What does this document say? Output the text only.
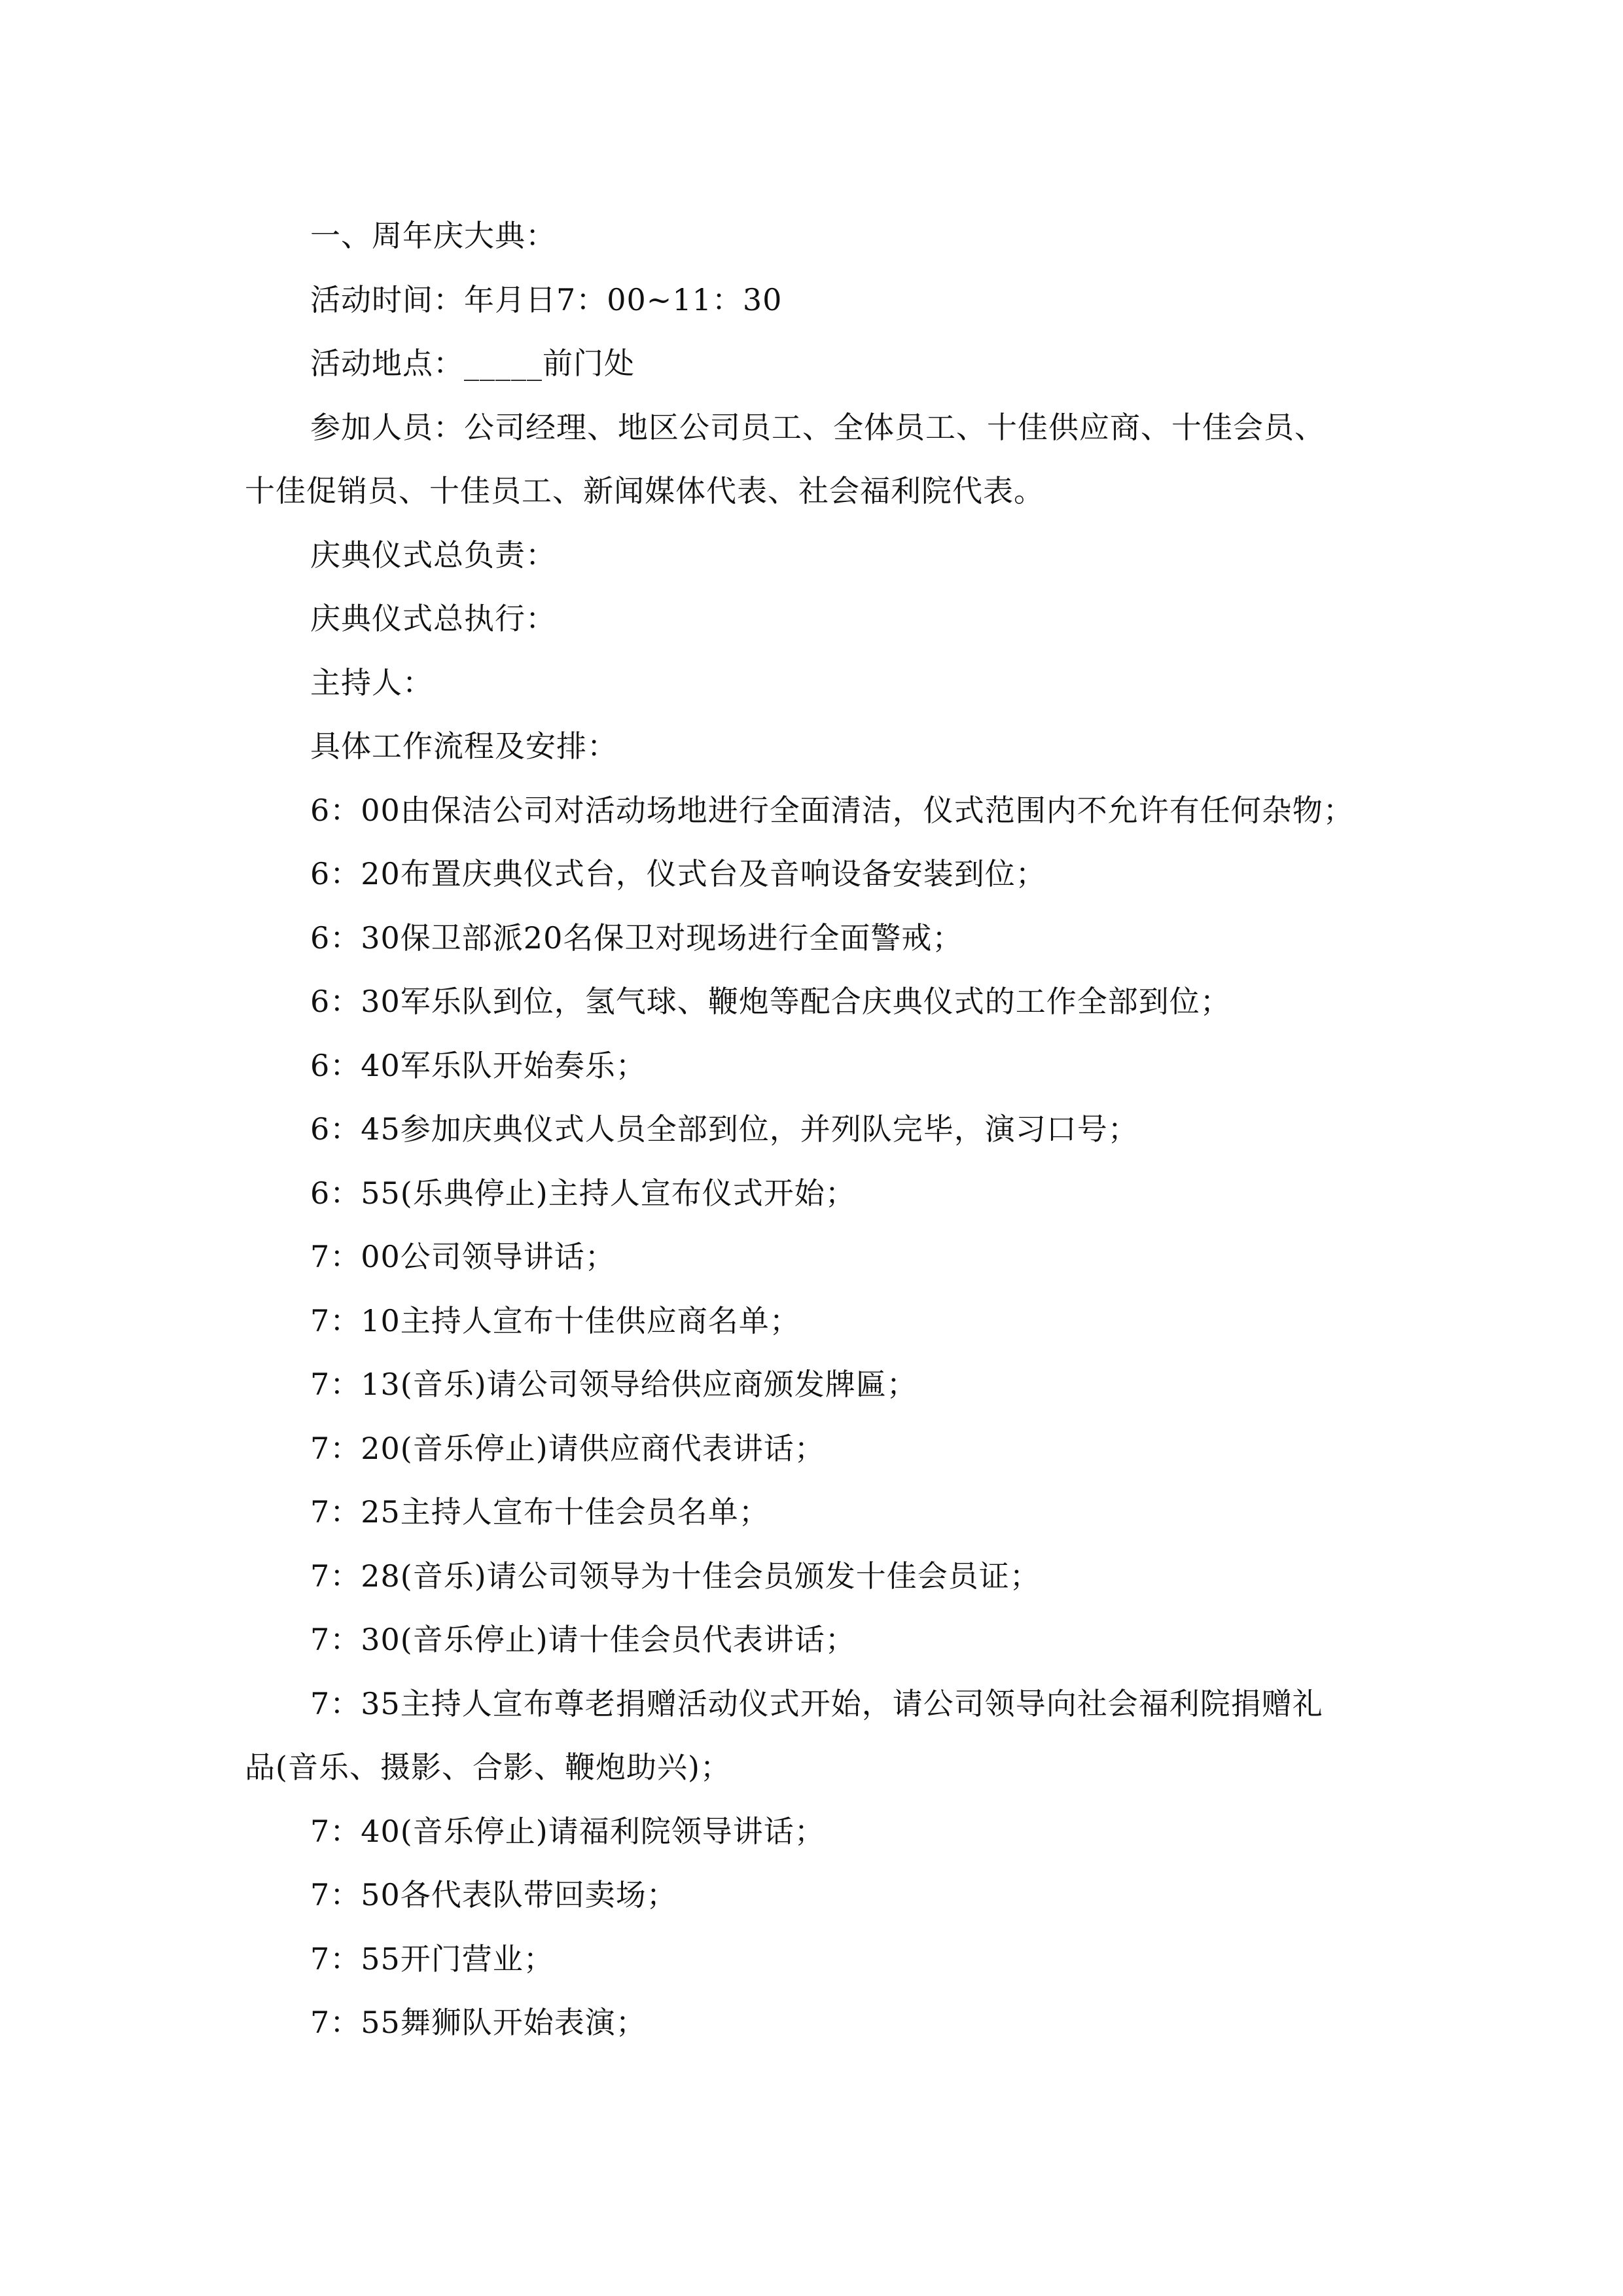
一、周年庆大典：

活动时间：年月日7：00~11：30

活动地点：_____前门处

参加人员：公司经理、地区公司员工、全体员工、十佳供应商、十佳会员、

十佳促销员、十佳员工、新闻媒体代表、社会福利院代表。

庆典仪式总负责：

庆典仪式总执行：

主持人：

具体工作流程及安排：

6：00由保洁公司对活动场地进行全面清洁，仪式范围内不允许有任何杂物；

6：20布置庆典仪式台，仪式台及音响设备安装到位；

6：30保卫部派20名保卫对现场进行全面警戒；

6：30军乐队到位，氢气球、鞭炮等配合庆典仪式的工作全部到位；

6：40军乐队开始奏乐；

6：45参加庆典仪式人员全部到位，并列队完毕，演习口号；

6：55(乐典停止)主持人宣布仪式开始；

7：00公司领导讲话；

7：10主持人宣布十佳供应商名单；

7：13(音乐)请公司领导给供应商颁发牌匾；

7：20(音乐停止)请供应商代表讲话；

7：25主持人宣布十佳会员名单；

7：28(音乐)请公司领导为十佳会员颁发十佳会员证；

7：30(音乐停止)请十佳会员代表讲话；

7：35主持人宣布尊老捐赠活动仪式开始，请公司领导向社会福利院捐赠礼

品(音乐、摄影、合影、鞭炮助兴)；

7：40(音乐停止)请福利院领导讲话；

7：50各代表队带回卖场；

7：55开门营业；

7：55舞狮队开始表演；
